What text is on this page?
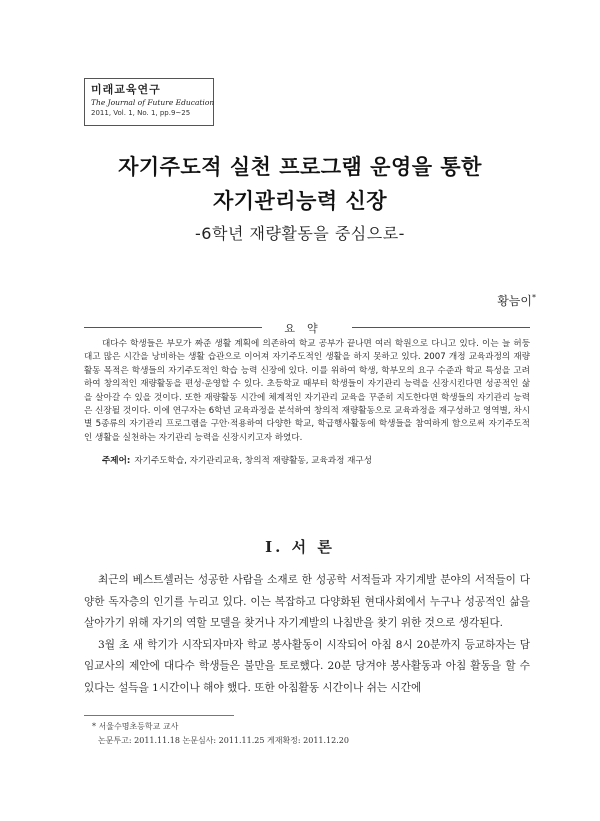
미래교육연구
The Journal of Future Education
2011, Vol. 1, No. 1, pp.9~25
자기주도적 실천 프로그램 운영을 통한
자기관리능력 신장
-6학년 재량활동을 중심으로-
황늠이*
요약
대다수 학생들은 부모가 짜준 생활 계획에 의존하여 학교 공부가 끝나면 여러 학원으로 다니고 있다. 이는 늘 허둥대고 많은 시간을 낭비하는 생활 습관으로 이어져 자기주도적인 생활을 하지 못하고 있다. 2007 개정 교육과정의 재량활동 목적은 학생들의 자기주도적인 학습 능력 신장에 있다. 이를 위하여 학생, 학부모의 요구 수준과 학교 특성을 고려하여 창의적인 재량활동을 편성·운영할 수 있다. 초등학교 때부터 학생들이 자기관리 능력을 신장시킨다면 성공적인 삶을 살아갈 수 있을 것이다. 또한 재량활동 시간에 체계적인 자기관리 교육을 꾸준히 지도한다면 학생들의 자기관리 능력은 신장될 것이다. 이에 연구자는 6학년 교육과정을 분석하여 창의적 재량활동으로 교육과정을 재구성하고 영역별, 차시별 5종류의 자기관리 프로그램을 구안·적용하여 다양한 학교, 학급행사활동에 학생들을 참여하게 함으로써 자기주도적인 생활을 실천하는 자기관리 능력을 신장시키고자 하였다.
주제어: 자기주도학습, 자기관리교육, 창의적 재량활동, 교육과정 재구성
Ⅰ. 서 론

최근의 베스트셀러는 성공한 사람을 소재로 한 성공학 서적들과 자기계발 분야의 서적들이 다양한 독자층의 인기를 누리고 있다. 이는 복잡하고 다양화된 현대사회에서 누구나 성공적인 삶을 살아가기 위해 자기의 역할 모델을 찾거나 자기계발의 나침반을 찾기 위한 것으로 생각된다.

3월 초 새 학기가 시작되자마자 학교 봉사활동이 시작되어 아침 8시 20분까지 등교하자는 담임교사의 제안에 대다수 학생들은 불만을 토로했다. 20분 당겨야 봉사활동과 아침 활동을 할 수 있다는 설득을 1시간이나 해야 했다. 또한 아침활동 시간이나 쉬는 시간에

* 서울수명초등학교 교사
논문투고: 2011.11.18 논문심사: 2011.11.25 게재확정: 2011.12.20
